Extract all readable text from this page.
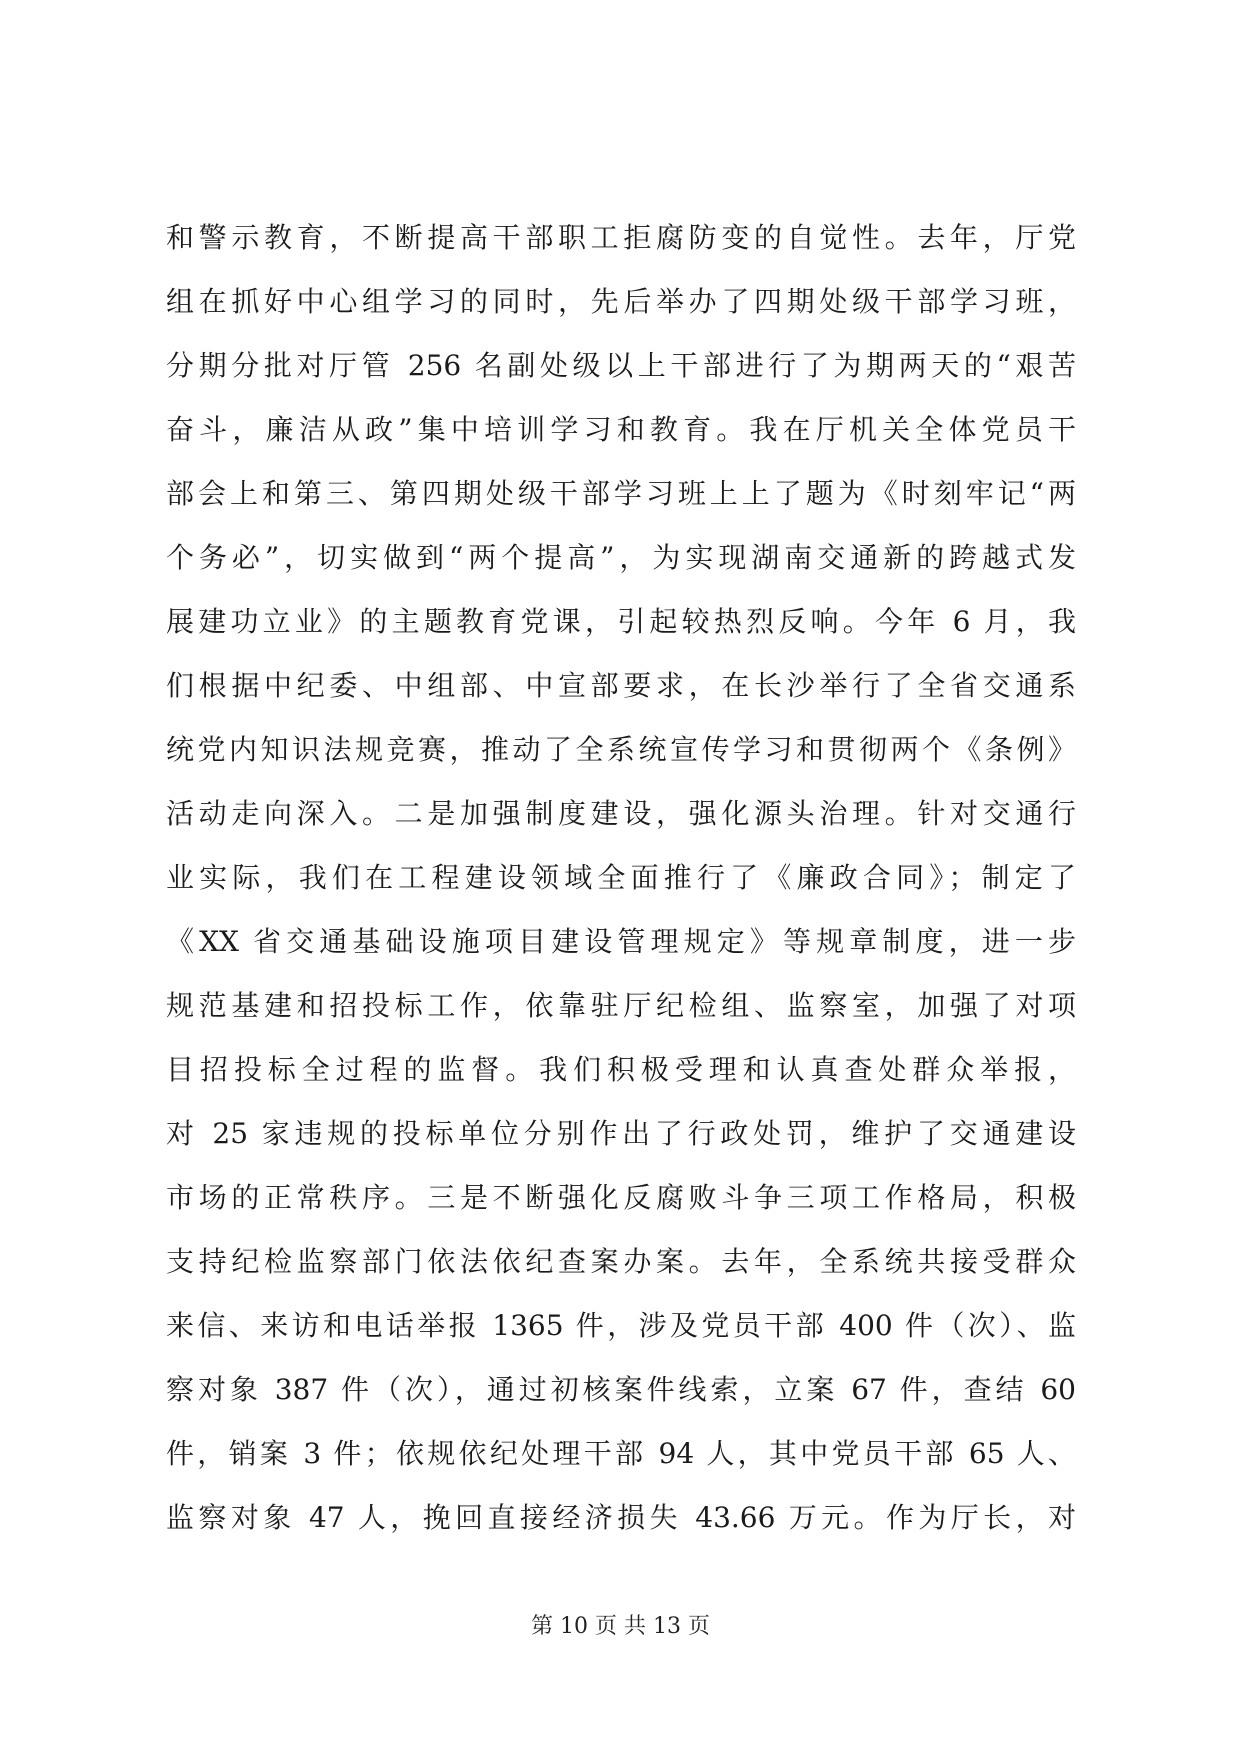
和警示教育，不断提高干部职工拒腐防变的自觉性。去年，厅党
组在抓好中心组学习的同时，先后举办了四期处级干部学习班，
分期分批对厅管 256 名副处级以上干部进行了为期两天的“艰苦
奋斗，廉洁从政”集中培训学习和教育。我在厅机关全体党员干
部会上和第三、第四期处级干部学习班上上了题为《时刻牢记“两
个务必”，切实做到“两个提高”，为实现湖南交通新的跨越式发
展建功立业》的主题教育党课，引起较热烈反响。今年 6 月，我
们根据中纪委、中组部、中宣部要求，在长沙举行了全省交通系
统党内知识法规竞赛，推动了全系统宣传学习和贯彻两个《条例》
活动走向深入。二是加强制度建设，强化源头治理。针对交通行
业实际，我们在工程建设领域全面推行了《廉政合同》；制定了
《XX 省交通基础设施项目建设管理规定》等规章制度，进一步
规范基建和招投标工作，依靠驻厅纪检组、监察室，加强了对项
目招投标全过程的监督。我们积极受理和认真查处群众举报，
对 25 家违规的投标单位分别作出了行政处罚，维护了交通建设
市场的正常秩序。三是不断强化反腐败斗争三项工作格局，积极
支持纪检监察部门依法依纪查案办案。去年，全系统共接受群众
来信、来访和电话举报 1365 件，涉及党员干部 400 件（次）、监
察对象 387 件（次），通过初核案件线索，立案 67 件，查结 60
件，销案 3 件；依规依纪处理干部 94 人，其中党员干部 65 人、
监察对象 47 人，挽回直接经济损失 43.66 万元。作为厅长，对
第 10 页 共 13 页
